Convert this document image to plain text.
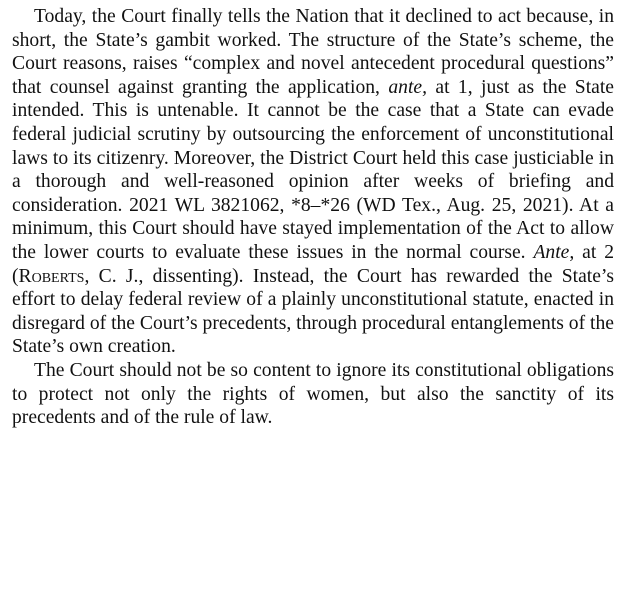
Today, the Court finally tells the Nation that it declined to act because, in short, the State’s gambit worked. The structure of the State’s scheme, the Court reasons, raises “complex and novel antecedent procedural questions” that counsel against granting the application, ante, at 1, just as the State intended. This is untenable. It cannot be the case that a State can evade federal judicial scrutiny by outsourcing the enforcement of unconstitutional laws to its citizenry. Moreover, the District Court held this case justiciable in a thorough and well-reasoned opinion after weeks of briefing and consideration. 2021 WL 3821062, *8–*26 (WD Tex., Aug. 25, 2021). At a minimum, this Court should have stayed implementation of the Act to allow the lower courts to evaluate these issues in the normal course. Ante, at 2 (Roberts, C. J., dissenting). Instead, the Court has rewarded the State’s effort to delay federal review of a plainly unconstitutional statute, enacted in disregard of the Court’s precedents, through procedural entanglements of the State’s own creation.

The Court should not be so content to ignore its constitutional obligations to protect not only the rights of women, but also the sanctity of its precedents and of the rule of law.
